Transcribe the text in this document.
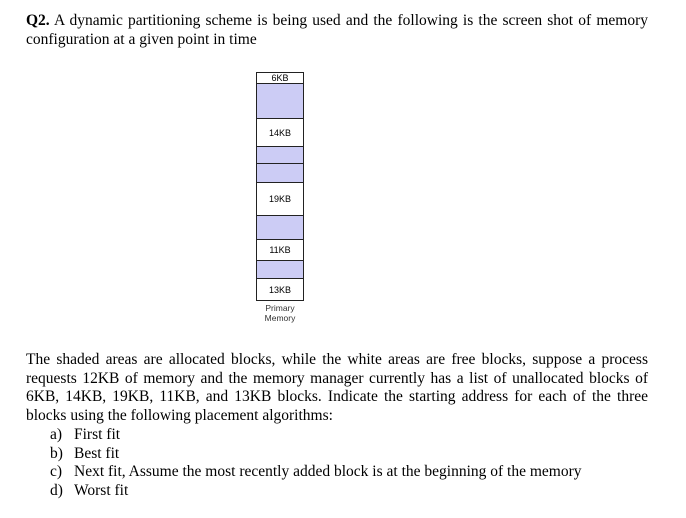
Q2. A dynamic partitioning scheme is being used and the following is the screen shot of memory configuration at a given point in time
6KB
14KB
19KB
11KB
13KB
Primary
Memory
The shaded areas are allocated blocks, while the white areas are free blocks, suppose a process requests 12KB of memory and the memory manager currently has a list of unallocated blocks of 6KB, 14KB, 19KB, 11KB, and 13KB blocks. Indicate the starting address for each of the three blocks using the following placement algorithms:
a) First fit
b) Best fit
c) Next fit, Assume the most recently added block is at the beginning of the memory
d) Worst fit
